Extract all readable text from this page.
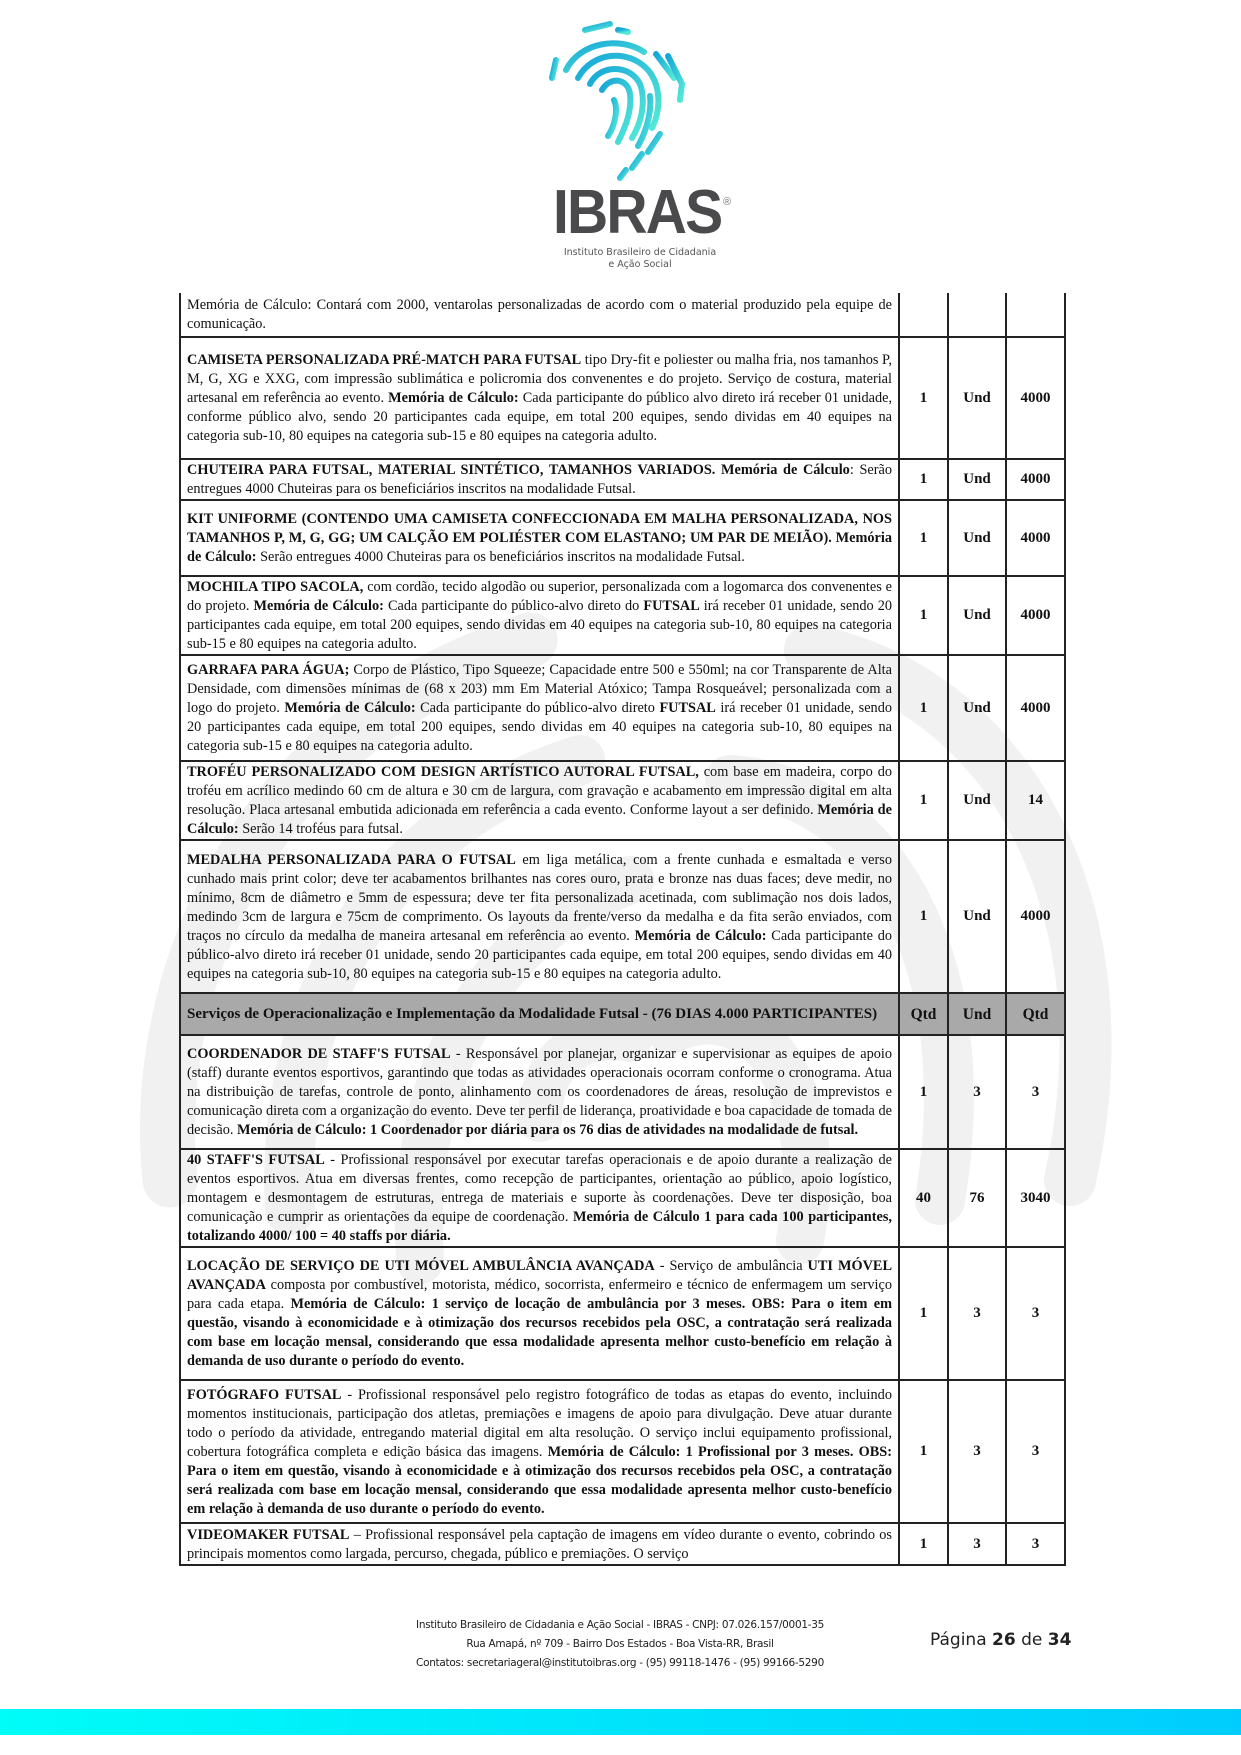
IBRAS ®
Instituto Brasileiro de Cidadania
e Ação Social
Memória de Cálculo: Contará com 2000, ventarolas personalizadas de acordo com o material produzido pela equipe de comunicação.			
CAMISETA PERSONALIZADA PRÉ-MATCH PARA FUTSAL tipo Dry-fit e poliester ou malha fria, nos tamanhos P, M, G, XG e XXG, com impressão sublimática e policromia dos convenentes e do projeto. Serviço de costura, material artesanal em referência ao evento. Memória de Cálculo: Cada participante do público alvo direto irá receber 01 unidade, conforme público alvo, sendo 20 participantes cada equipe, em total 200 equipes, sendo dividas em 40 equipes na categoria sub-10, 80 equipes na categoria sub-15 e 80 equipes na categoria adulto.	1	Und	4000
CHUTEIRA PARA FUTSAL, MATERIAL SINTÉTICO, TAMANHOS VARIADOS. Memória de Cálculo: Serão entregues 4000 Chuteiras para os beneficiários inscritos na modalidade Futsal.	1	Und	4000
KIT UNIFORME (CONTENDO UMA CAMISETA CONFECCIONADA EM MALHA PERSONALIZADA, NOS TAMANHOS P, M, G, GG; UM CALÇÃO EM POLIÉSTER COM ELASTANO; UM PAR DE MEIÃO). Memória de Cálculo: Serão entregues 4000 Chuteiras para os beneficiários inscritos na modalidade Futsal.	1	Und	4000
MOCHILA TIPO SACOLA, com cordão, tecido algodão ou superior, personalizada com a logomarca dos convenentes e do projeto. Memória de Cálculo: Cada participante do público-alvo direto do FUTSAL irá receber 01 unidade, sendo 20 participantes cada equipe, em total 200 equipes, sendo dividas em 40 equipes na categoria sub-10, 80 equipes na categoria sub-15 e 80 equipes na categoria adulto.	1	Und	4000
GARRAFA PARA ÁGUA; Corpo de Plástico, Tipo Squeeze; Capacidade entre 500 e 550ml; na cor Transparente de Alta Densidade, com dimensões mínimas de (68 x 203) mm Em Material Atóxico; Tampa Rosqueável; personalizada com a logo do projeto. Memória de Cálculo: Cada participante do público-alvo direto FUTSAL irá receber 01 unidade, sendo 20 participantes cada equipe, em total 200 equipes, sendo dividas em 40 equipes na categoria sub-10, 80 equipes na categoria sub-15 e 80 equipes na categoria adulto.	1	Und	4000
TROFÉU PERSONALIZADO COM DESIGN ARTÍSTICO AUTORAL FUTSAL, com base em madeira, corpo do troféu em acrílico medindo 60 cm de altura e 30 cm de largura, com gravação e acabamento em impressão digital em alta resolução. Placa artesanal embutida adicionada em referência a cada evento. Conforme layout a ser definido. Memória de Cálculo: Serão 14 troféus para futsal.	1	Und	14
MEDALHA PERSONALIZADA PARA O FUTSAL em liga metálica, com a frente cunhada e esmaltada e verso cunhado mais print color; deve ter acabamentos brilhantes nas cores ouro, prata e bronze nas duas faces; deve medir, no mínimo, 8cm de diâmetro e 5mm de espessura; deve ter fita personalizada acetinada, com sublimação nos dois lados, medindo 3cm de largura e 75cm de comprimento. Os layouts da frente/verso da medalha e da fita serão enviados, com traços no círculo da medalha de maneira artesanal em referência ao evento. Memória de Cálculo: Cada participante do público-alvo direto irá receber 01 unidade, sendo 20 participantes cada equipe, em total 200 equipes, sendo dividas em 40 equipes na categoria sub-10, 80 equipes na categoria sub-15 e 80 equipes na categoria adulto.	1	Und	4000
Serviços de Operacionalização e Implementação da Modalidade Futsal - (76 DIAS 4.000 PARTICIPANTES)	Qtd	Und	Qtd
COORDENADOR DE STAFF'S FUTSAL - Responsável por planejar, organizar e supervisionar as equipes de apoio (staff) durante eventos esportivos, garantindo que todas as atividades operacionais ocorram conforme o cronograma. Atua na distribuição de tarefas, controle de ponto, alinhamento com os coordenadores de áreas, resolução de imprevistos e comunicação direta com a organização do evento. Deve ter perfil de liderança, proatividade e boa capacidade de tomada de decisão. Memória de Cálculo: 1 Coordenador por diária para os 76 dias de atividades na modalidade de futsal.	1	3	3
40 STAFF'S FUTSAL - Profissional responsável por executar tarefas operacionais e de apoio durante a realização de eventos esportivos. Atua em diversas frentes, como recepção de participantes, orientação ao público, apoio logístico, montagem e desmontagem de estruturas, entrega de materiais e suporte às coordenações. Deve ter disposição, boa comunicação e cumprir as orientações da equipe de coordenação. Memória de Cálculo 1 para cada 100 participantes, totalizando 4000/ 100 = 40 staffs por diária.	40	76	3040
LOCAÇÃO DE SERVIÇO DE UTI MÓVEL AMBULÂNCIA AVANÇADA - Serviço de ambulância UTI MÓVEL AVANÇADA composta por combustível, motorista, médico, socorrista, enfermeiro e técnico de enfermagem um serviço para cada etapa. Memória de Cálculo: 1 serviço de locação de ambulância por 3 meses. OBS: Para o item em questão, visando à economicidade e à otimização dos recursos recebidos pela OSC, a contratação será realizada com base em locação mensal, considerando que essa modalidade apresenta melhor custo-benefício em relação à demanda de uso durante o período do evento.	1	3	3
FOTÓGRAFO FUTSAL - Profissional responsável pelo registro fotográfico de todas as etapas do evento, incluindo momentos institucionais, participação dos atletas, premiações e imagens de apoio para divulgação. Deve atuar durante todo o período da atividade, entregando material digital em alta resolução. O serviço inclui equipamento profissional, cobertura fotográfica completa e edição básica das imagens. Memória de Cálculo: 1 Profissional por 3 meses. OBS: Para o item em questão, visando à economicidade e à otimização dos recursos recebidos pela OSC, a contratação será realizada com base em locação mensal, considerando que essa modalidade apresenta melhor custo-benefício em relação à demanda de uso durante o período do evento.	1	3	3
VIDEOMAKER FUTSAL – Profissional responsável pela captação de imagens em vídeo durante o evento, cobrindo os principais momentos como largada, percurso, chegada, público e premiações. O serviço	1	3	3
Instituto Brasileiro de Cidadania e Ação Social - IBRAS - CNPJ: 07.026.157/0001-35
Rua Amapá, nº 709 - Bairro Dos Estados - Boa Vista-RR, Brasil
Contatos: secretariageral@institutoibras.org - (95) 99118-1476 - (95) 99166-5290
Página 26 de 34
